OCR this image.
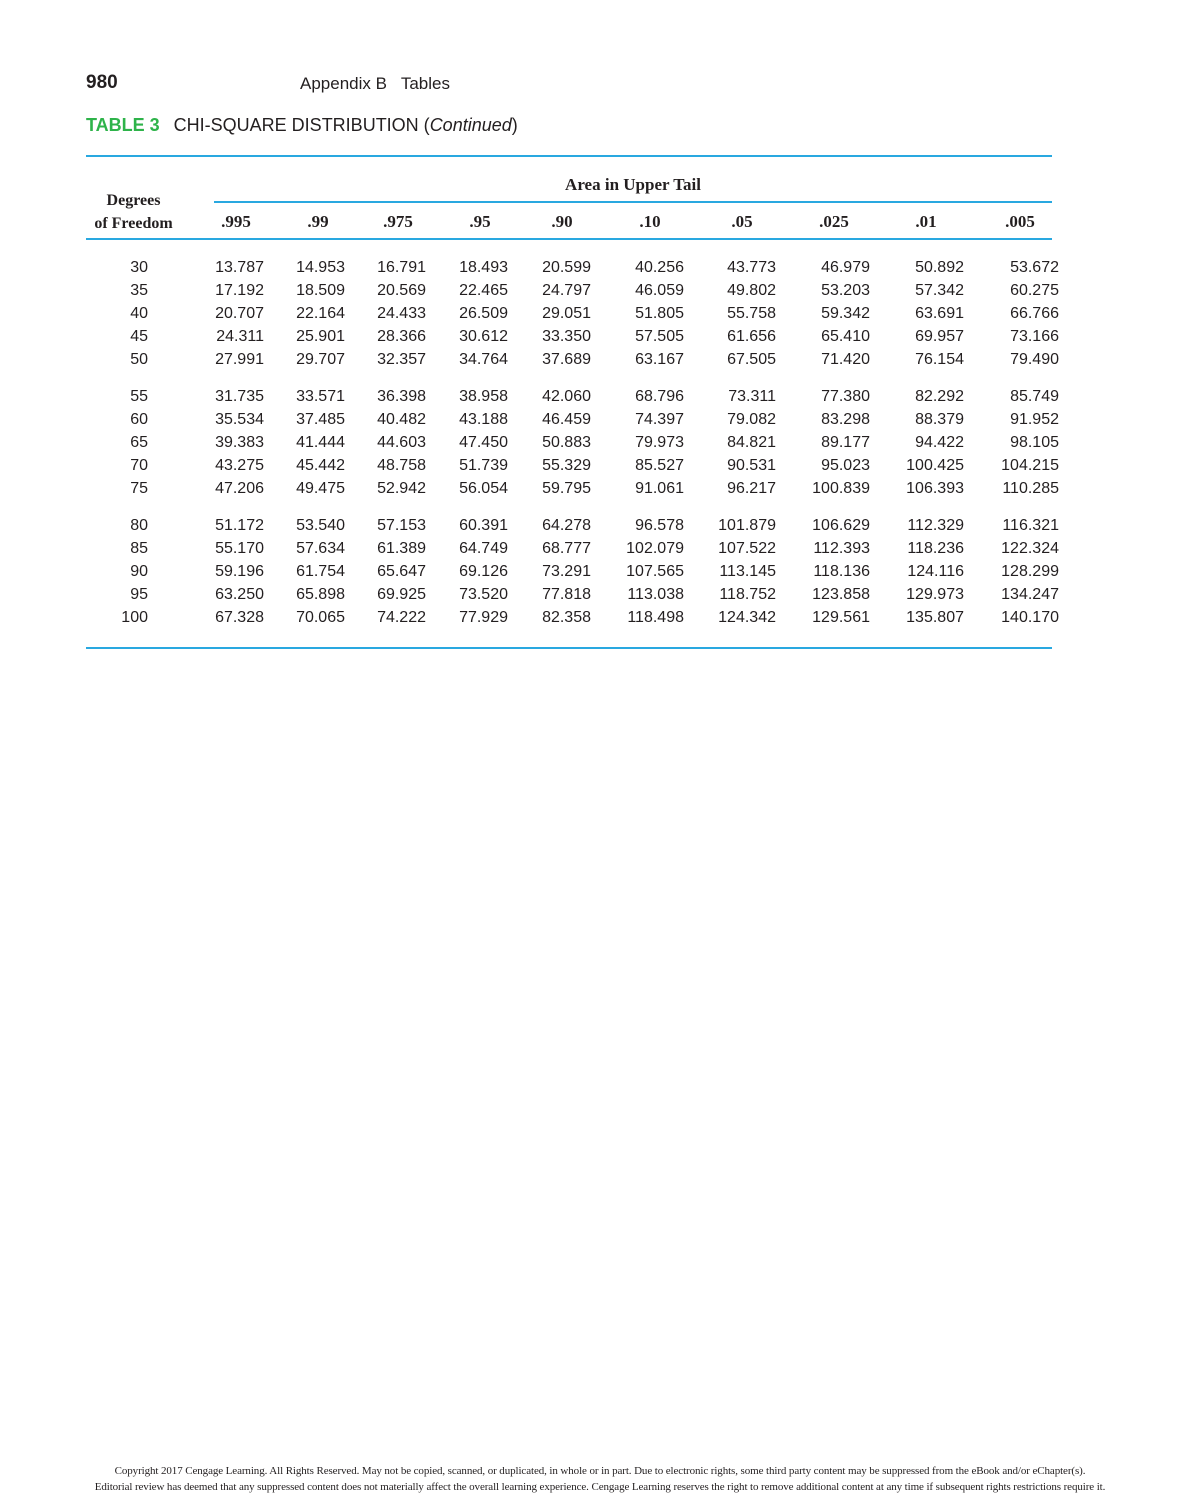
980	Appendix B   Tables
TABLE 3 CHI-SQUARE DISTRIBUTION (Continued)
Degrees
of Freedom
Area in Upper Tail
.995	.99	.975	.95	.90	.10	.05	.025	.01	.005
30	13.787	14.953	16.791	18.493	20.599	40.256	43.773	46.979	50.892	53.672
35	17.192	18.509	20.569	22.465	24.797	46.059	49.802	53.203	57.342	60.275
40	20.707	22.164	24.433	26.509	29.051	51.805	55.758	59.342	63.691	66.766
45	24.311	25.901	28.366	30.612	33.350	57.505	61.656	65.410	69.957	73.166
50	27.991	29.707	32.357	34.764	37.689	63.167	67.505	71.420	76.154	79.490
55	31.735	33.571	36.398	38.958	42.060	68.796	73.311	77.380	82.292	85.749
60	35.534	37.485	40.482	43.188	46.459	74.397	79.082	83.298	88.379	91.952
65	39.383	41.444	44.603	47.450	50.883	79.973	84.821	89.177	94.422	98.105
70	43.275	45.442	48.758	51.739	55.329	85.527	90.531	95.023	100.425	104.215
75	47.206	49.475	52.942	56.054	59.795	91.061	96.217	100.839	106.393	110.285
80	51.172	53.540	57.153	60.391	64.278	96.578	101.879	106.629	112.329	116.321
85	55.170	57.634	61.389	64.749	68.777	102.079	107.522	112.393	118.236	122.324
90	59.196	61.754	65.647	69.126	73.291	107.565	113.145	118.136	124.116	128.299
95	63.250	65.898	69.925	73.520	77.818	113.038	118.752	123.858	129.973	134.247
100	67.328	70.065	74.222	77.929	82.358	118.498	124.342	129.561	135.807	140.170
Copyright 2017 Cengage Learning. All Rights Reserved. May not be copied, scanned, or duplicated, in whole or in part. Due to electronic rights, some third party content may be suppressed from the eBook and/or eChapter(s).
Editorial review has deemed that any suppressed content does not materially affect the overall learning experience. Cengage Learning reserves the right to remove additional content at any time if subsequent rights restrictions require it.
